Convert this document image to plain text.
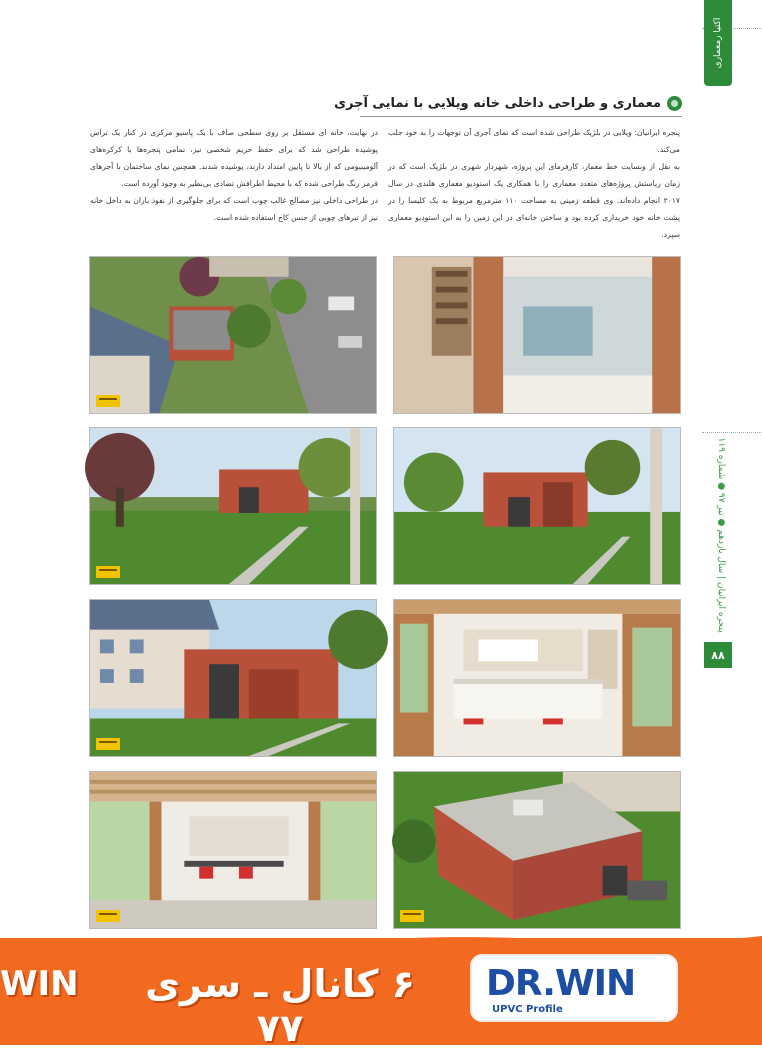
اکتیا رمعماری
پنجره ایرانیان | سال یازدهم ● تیر ۹۷ ● شماره ۱۱۹
۸۸
معماری و طراحی داخلی خانه ویلایی با نمایی آجری

پنجره ایرانیان: ویلایی در بلژیک طراحی شده است که نمای آجری آن توجهات را به خود جلب می‌کند.

به نقل از وبسایت خط معمار، کارفرمای این پروژه، شهردار شهری در بلژیک است که در زمان ریاستش پروژه‌های متعدد معماری را با همکاری یک استودیو معماری هلندی در سال ۲۰۱۷ انجام داده‌اند. وی قطعه زمینی به مساحت ۱۱۰ مترمربع مربوط به یک کلیسا را در پشت خانه خود خریداری کرده بود و ساختن خانه‌ای در این زمین را به این استودیو معماری سپرد.

در نهایت، خانه ای مستقل بر روی سطحی صاف با یک پاسیو مرکزی در کنار یک تراس پوشیده طراحی شد که برای حفظ حریم شخصی نیز، تمامی پنجره‌ها با کرکره‌های آلومینیومی که از بالا تا پایین امتداد دارند، پوشیده شدند. همچنین نمای ساختمان با آجرهای قرمز رنگ طراحی شده که با محیط اطرافش تضادی بی‌نظیر به وجود آورده است.

در طراحی داخلی نیز مصالح غالب چوب است که برای جلوگیری از نفوذ باران به داخل خانه نیز از تیرهای چوبی از جنس کاج استفاده شده است.

WIN	۶ کانال ـ سری ۷۷
DR.WIN
UPVC Profile
